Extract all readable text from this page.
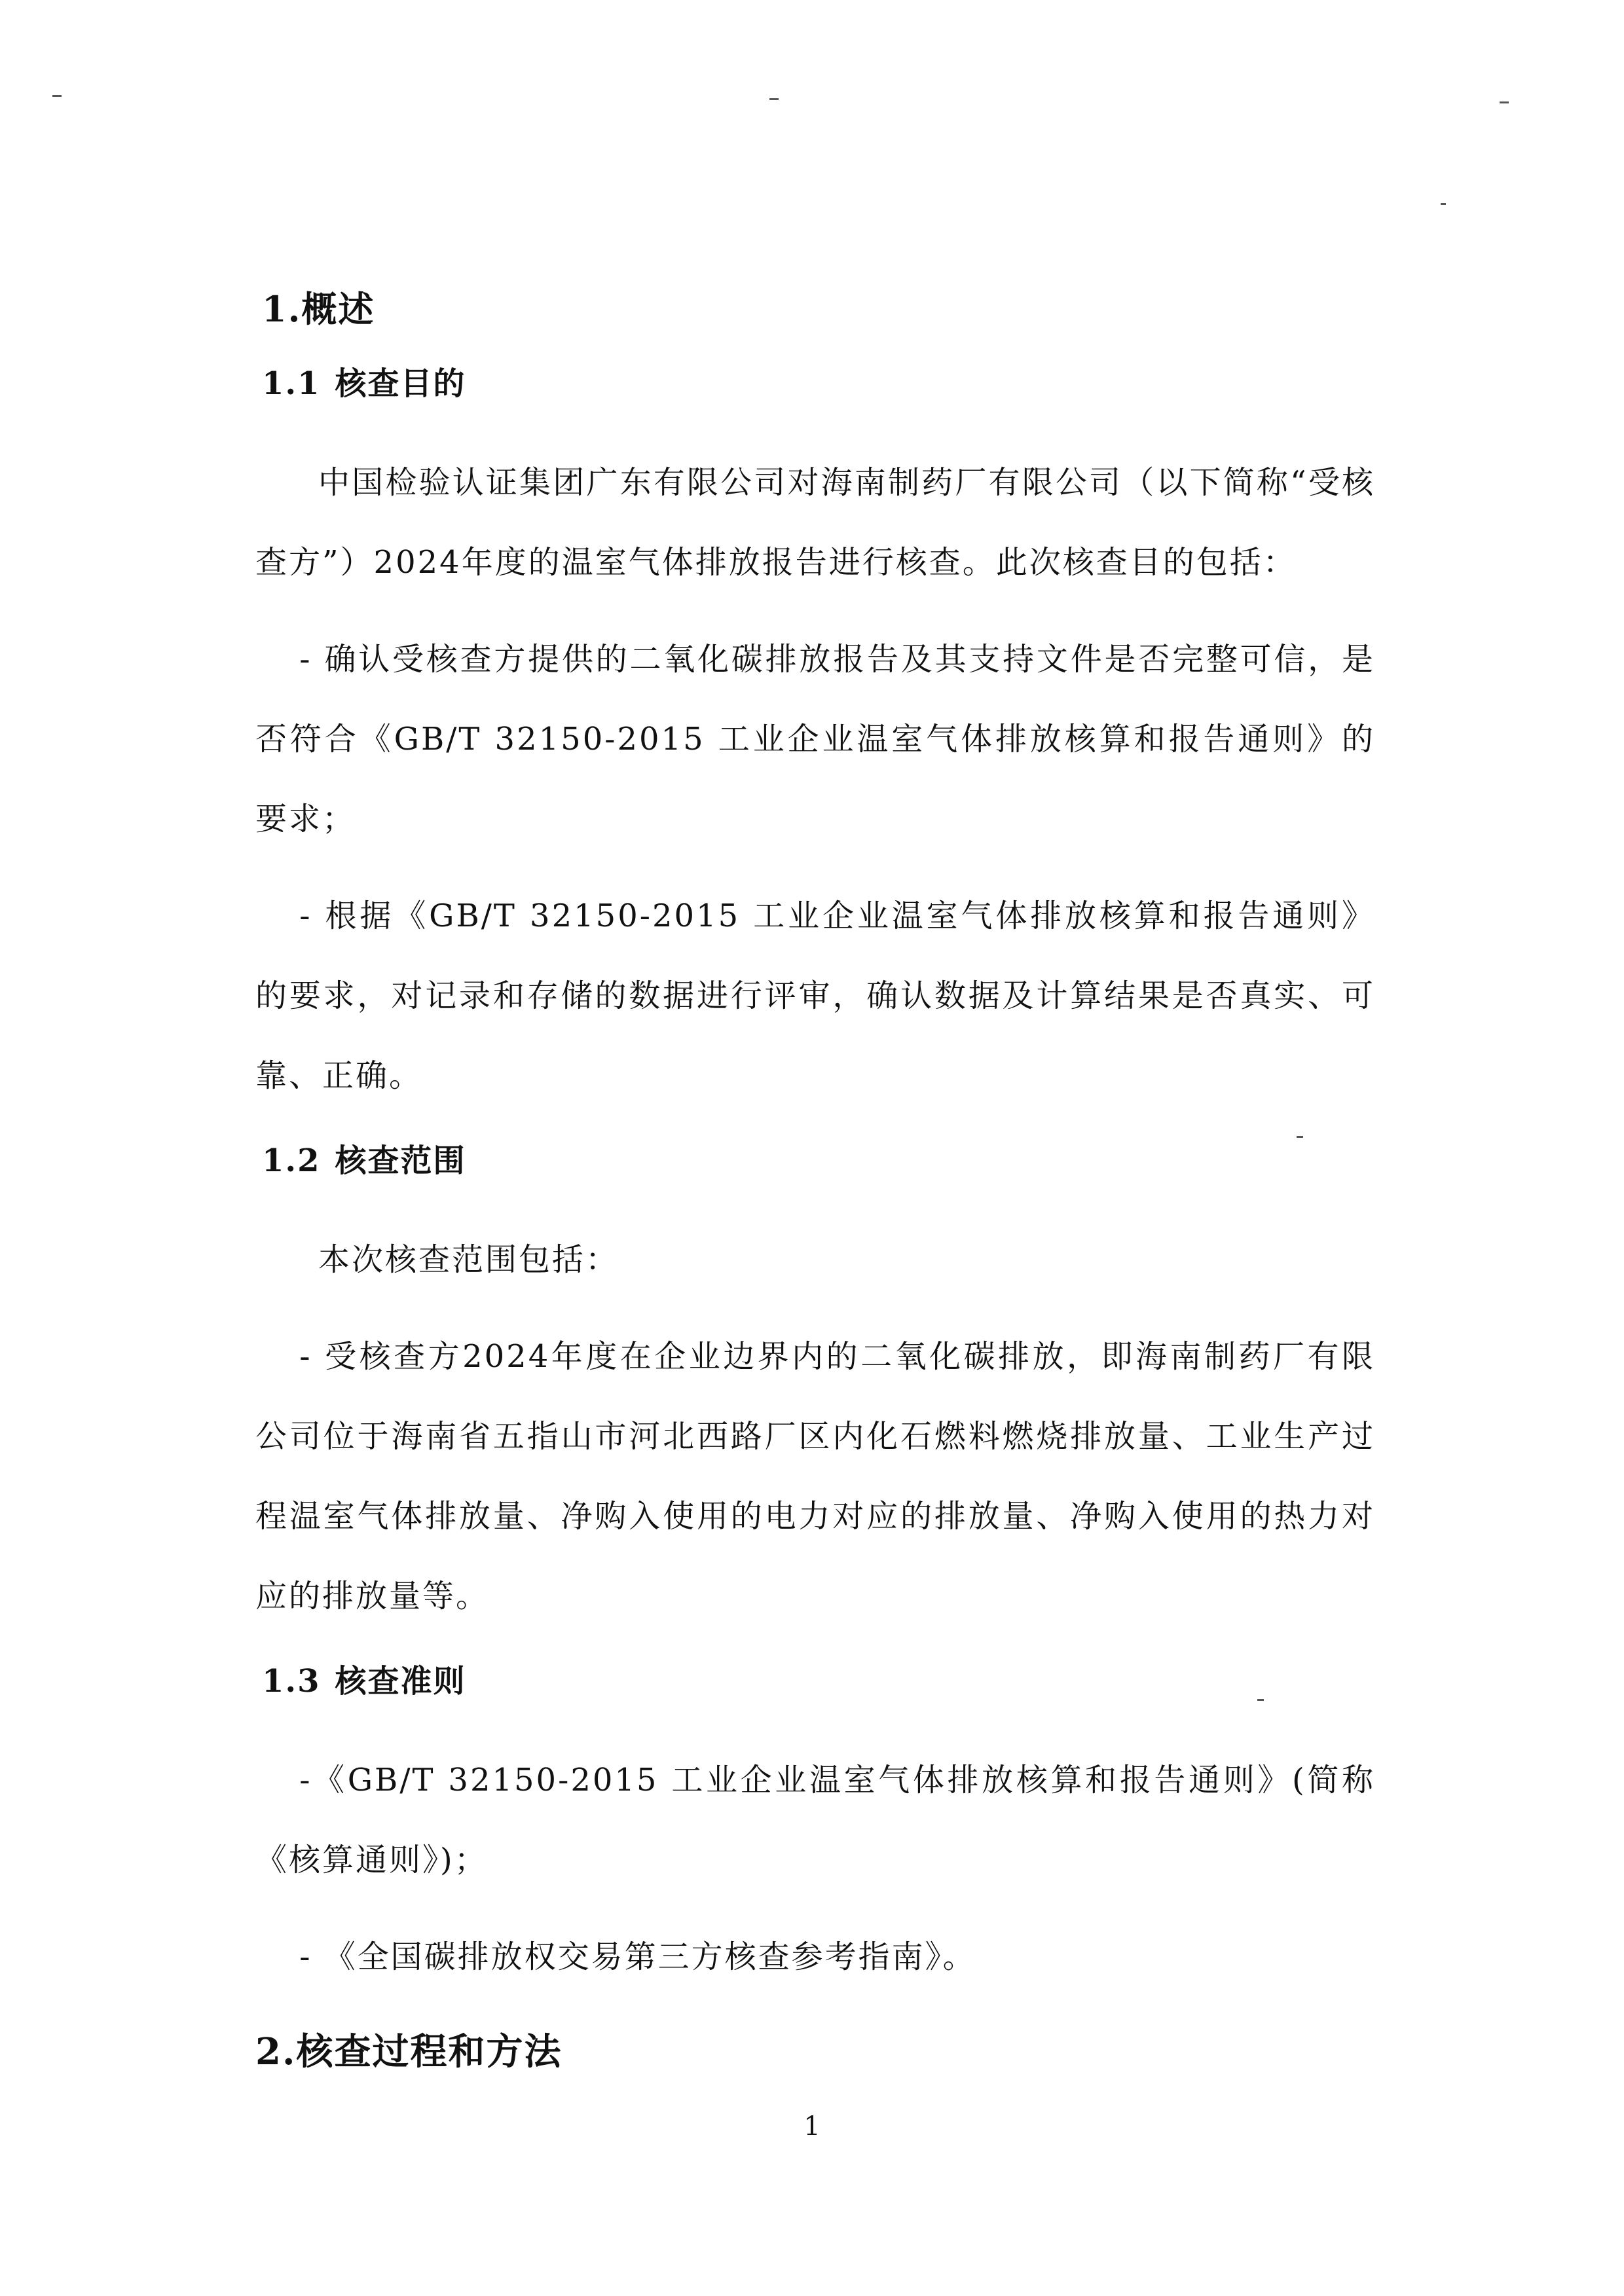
1.概述
1.1 核查目的

中国检验认证集团广东有限公司对海南制药厂有限公司（以下简称“受核查方”）2024年度的温室气体排放报告进行核查。此次核查目的包括：

- 确认受核查方提供的二氧化碳排放报告及其支持文件是否完整可信，是否符合《GB/T 32150-2015 工业企业温室气体排放核算和报告通则》的要求；

- 根据《GB/T 32150-2015 工业企业温室气体排放核算和报告通则》的要求，对记录和存储的数据进行评审，确认数据及计算结果是否真实、可靠、正确。

1.2 核查范围

本次核查范围包括：

- 受核查方2024年度在企业边界内的二氧化碳排放，即海南制药厂有限公司位于海南省五指山市河北西路厂区内化石燃料燃烧排放量、工业生产过程温室气体排放量、净购入使用的电力对应的排放量、净购入使用的热力对应的排放量等。

1.3 核查准则

-《GB/T 32150-2015 工业企业温室气体排放核算和报告通则》(简称《核算通则》)；

- 《全国碳排放权交易第三方核查参考指南》。

2.核查过程和方法
1
